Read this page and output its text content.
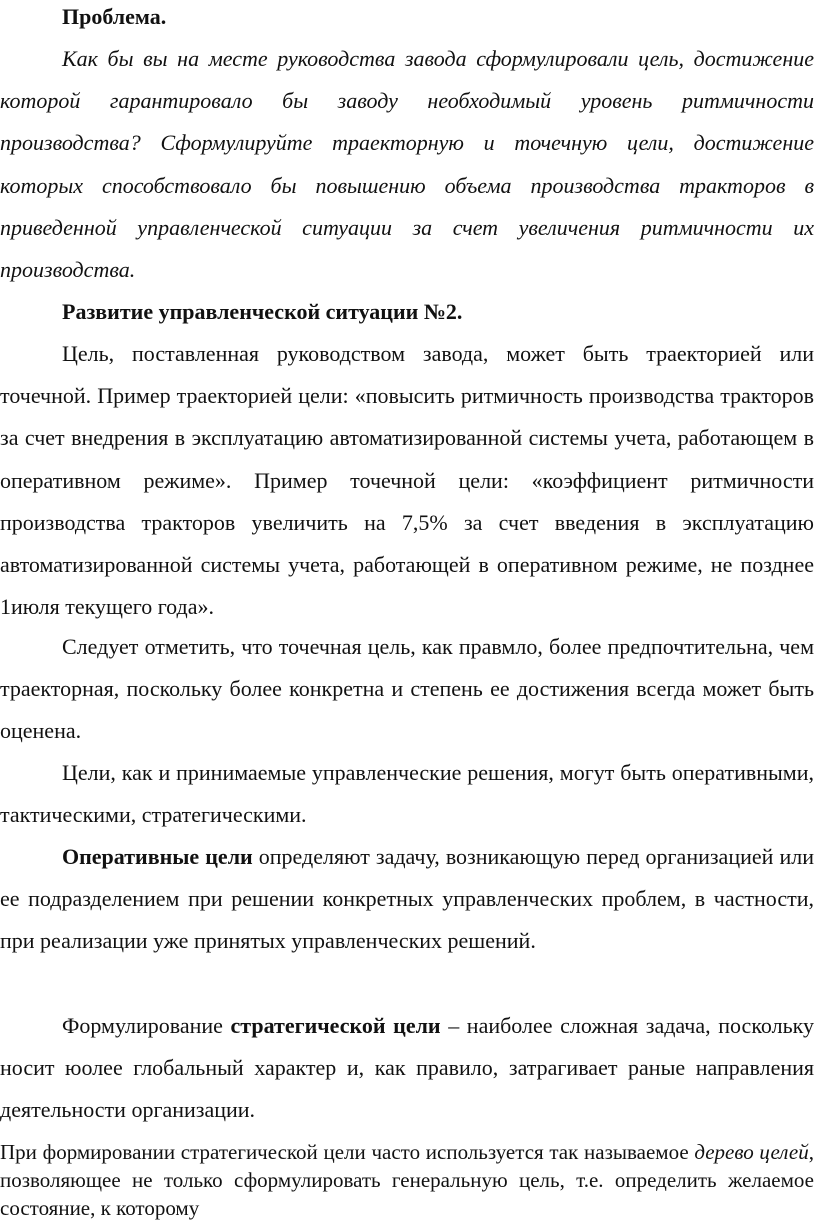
Проблема.

Как бы вы на месте руководства завода сформулировали цель, достижение которой гарантировало бы заводу необходимый уровень ритмичности производства? Сформулируйте траекторную и точечную цели, достижение которых способствовало бы повышению объема производства тракторов в приведенной управленческой ситуации за счет увеличения ритмичности их производства.

Развитие управленческой ситуации №2.

Цель, поставленная руководством завода, может быть траекторией или точечной. Пример траекторией цели: «повысить ритмичность производства тракторов за счет внедрения в эксплуатацию автоматизированной системы учета, работающем в оперативном режиме». Пример точечной цели: «коэффициент ритмичности производства тракторов увеличить на 7,5% за счет введения в эксплуатацию автоматизированной системы учета, работающей в оперативном режиме, не позднее 1июля текущего года».

Следует отметить, что точечная цель, как правмло, более предпочтительна, чем траекторная, поскольку более конкретна и степень ее достижения всегда может быть оценена.

Цели, как и принимаемые управленческие решения, могут быть оперативными, тактическими, стратегическими.

Оперативные цели определяют задачу, возникающую перед организацией или ее подразделением при решении конкретных управленческих проблем, в частности, при реализации уже принятых управленческих решений.

Формулирование стратегической цели – наиболее сложная задача, поскольку носит юолее глобальный характер и, как правило, затрагивает раные направления деятельности организации.

При формировании стратегической цели часто используется так называемое дерево целей, позволяющее не только сформулировать генеральную цель, т.е. определить желаемое состояние, к которому
